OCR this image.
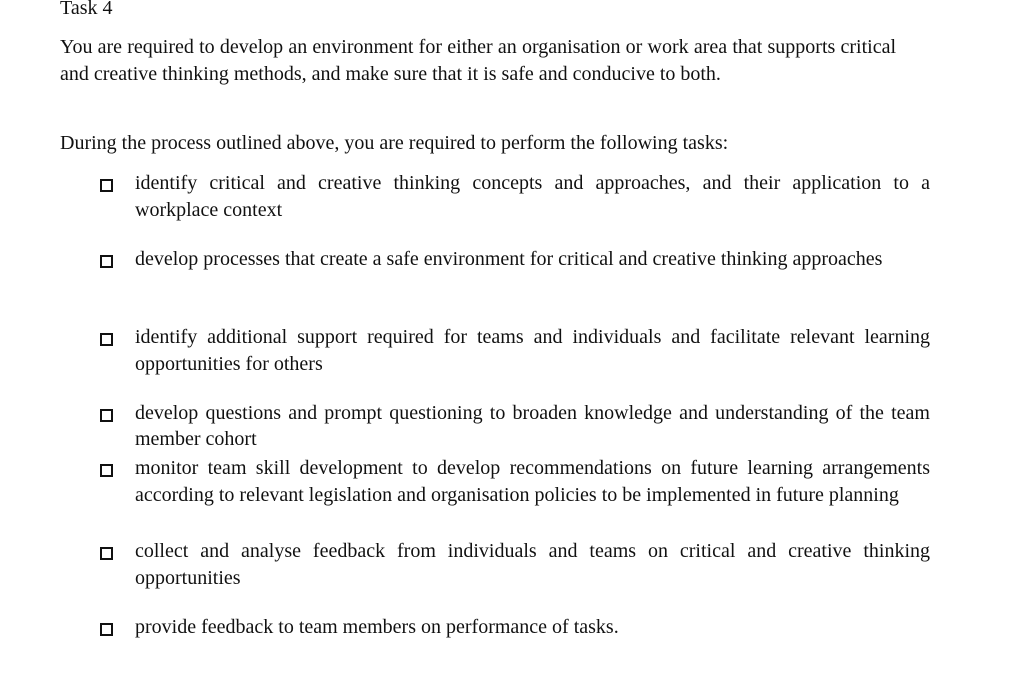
Task 4

You are required to develop an environment for either an organisation or work area that supports critical and creative thinking methods, and make sure that it is safe and conducive to both.

During the process outlined above, you are required to perform the following tasks:

identify critical and creative thinking concepts and approaches, and their application to a workplace context
develop processes that create a safe environment for critical and creative thinking approaches
identify additional support required for teams and individuals and facilitate relevant learning opportunities for others
develop questions and prompt questioning to broaden knowledge and understanding of the team member cohort
monitor team skill development to develop recommendations on future learning arrangements according to relevant legislation and organisation policies to be implemented in future planning
collect and analyse feedback from individuals and teams on critical and creative thinking opportunities
provide feedback to team members on performance of tasks.
